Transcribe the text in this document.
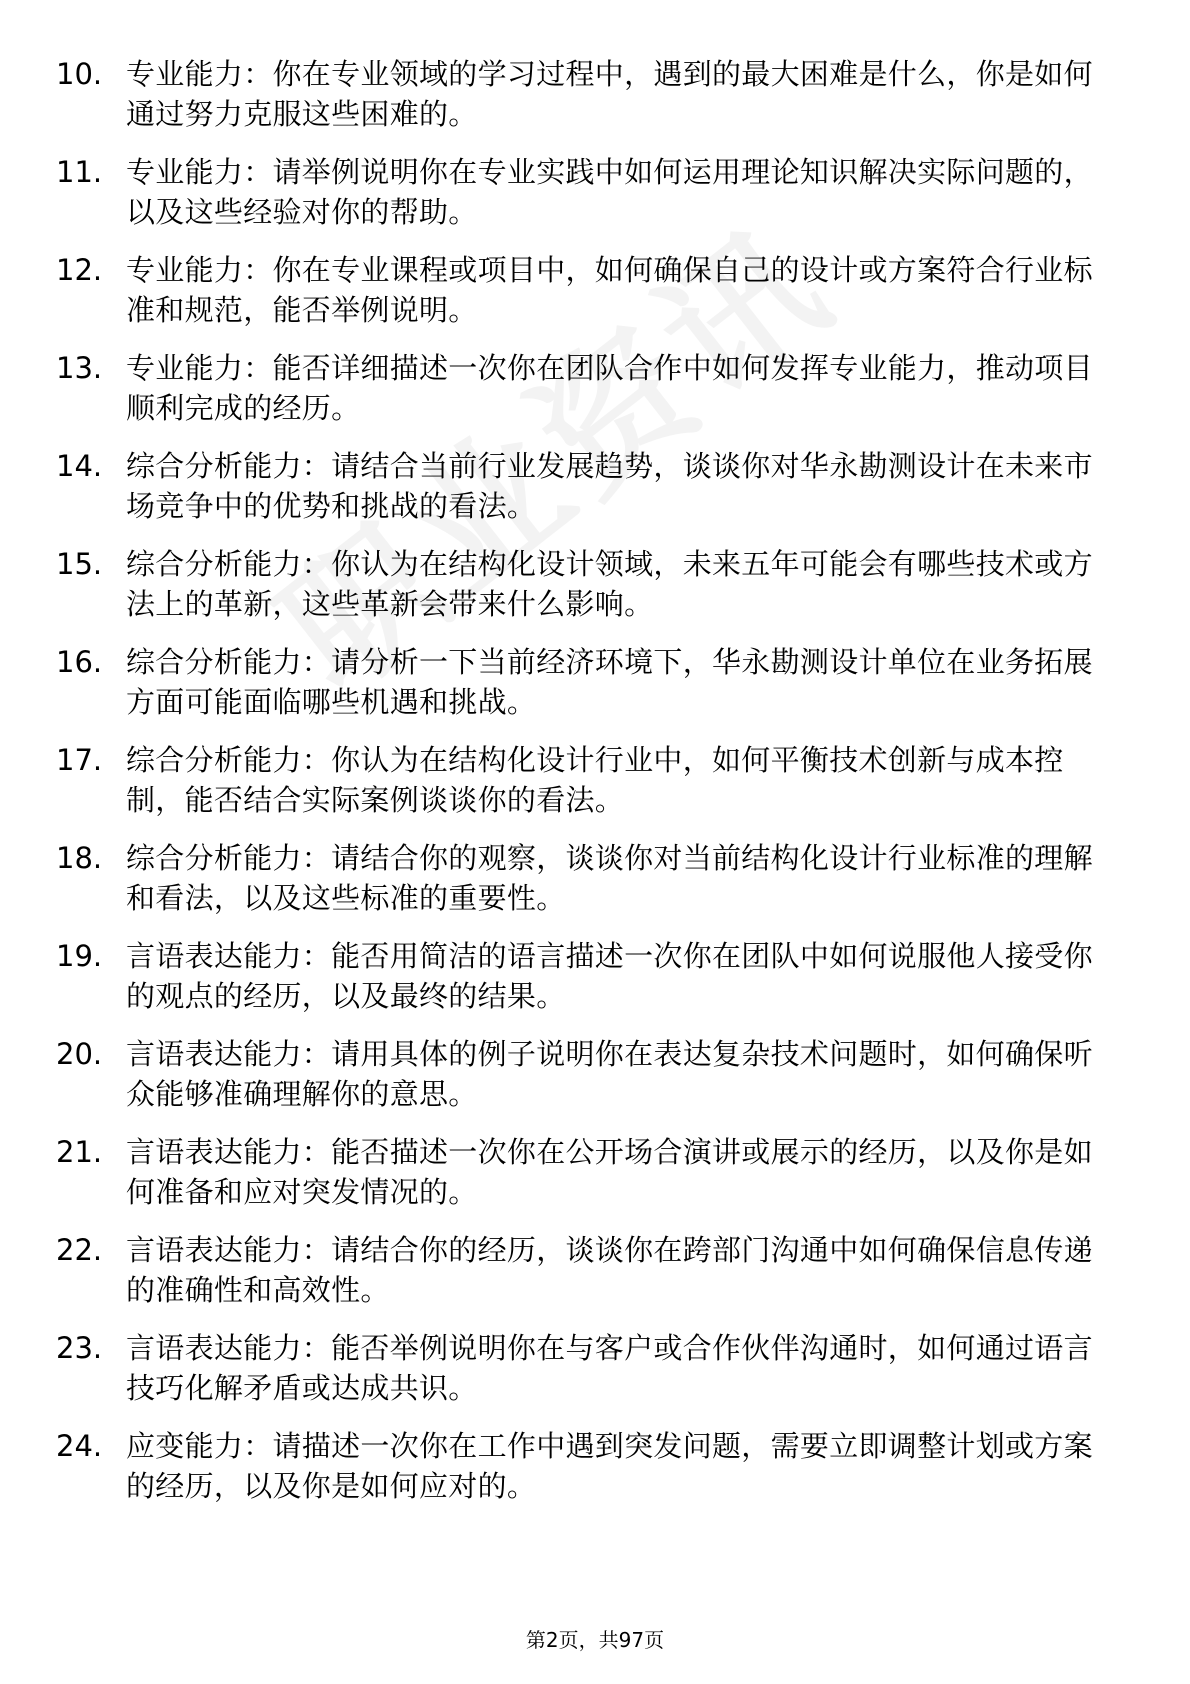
10. 专业能力：你在专业领域的学习过程中，遇到的最大困难是什么，你是如何通过努力克服这些困难的。
11. 专业能力：请举例说明你在专业实践中如何运用理论知识解决实际问题的，以及这些经验对你的帮助。
12. 专业能力：你在专业课程或项目中，如何确保自己的设计或方案符合行业标准和规范，能否举例说明。
13. 专业能力：能否详细描述一次你在团队合作中如何发挥专业能力，推动项目顺利完成的经历。
14. 综合分析能力：请结合当前行业发展趋势，谈谈你对华永勘测设计在未来市场竞争中的优势和挑战的看法。
15. 综合分析能力：你认为在结构化设计领域，未来五年可能会有哪些技术或方法上的革新，这些革新会带来什么影响。
16. 综合分析能力：请分析一下当前经济环境下，华永勘测设计单位在业务拓展方面可能面临哪些机遇和挑战。
17. 综合分析能力：你认为在结构化设计行业中，如何平衡技术创新与成本控制，能否结合实际案例谈谈你的看法。
18. 综合分析能力：请结合你的观察，谈谈你对当前结构化设计行业标准的理解和看法，以及这些标准的重要性。
19. 言语表达能力：能否用简洁的语言描述一次你在团队中如何说服他人接受你的观点的经历，以及最终的结果。
20. 言语表达能力：请用具体的例子说明你在表达复杂技术问题时，如何确保听众能够准确理解你的意思。
21. 言语表达能力：能否描述一次你在公开场合演讲或展示的经历，以及你是如何准备和应对突发情况的。
22. 言语表达能力：请结合你的经历，谈谈你在跨部门沟通中如何确保信息传递的准确性和高效性。
23. 言语表达能力：能否举例说明你在与客户或合作伙伴沟通时，如何通过语言技巧化解矛盾或达成共识。
24. 应变能力：请描述一次你在工作中遇到突发问题，需要立即调整计划或方案的经历，以及你是如何应对的。
第2页，共97页
